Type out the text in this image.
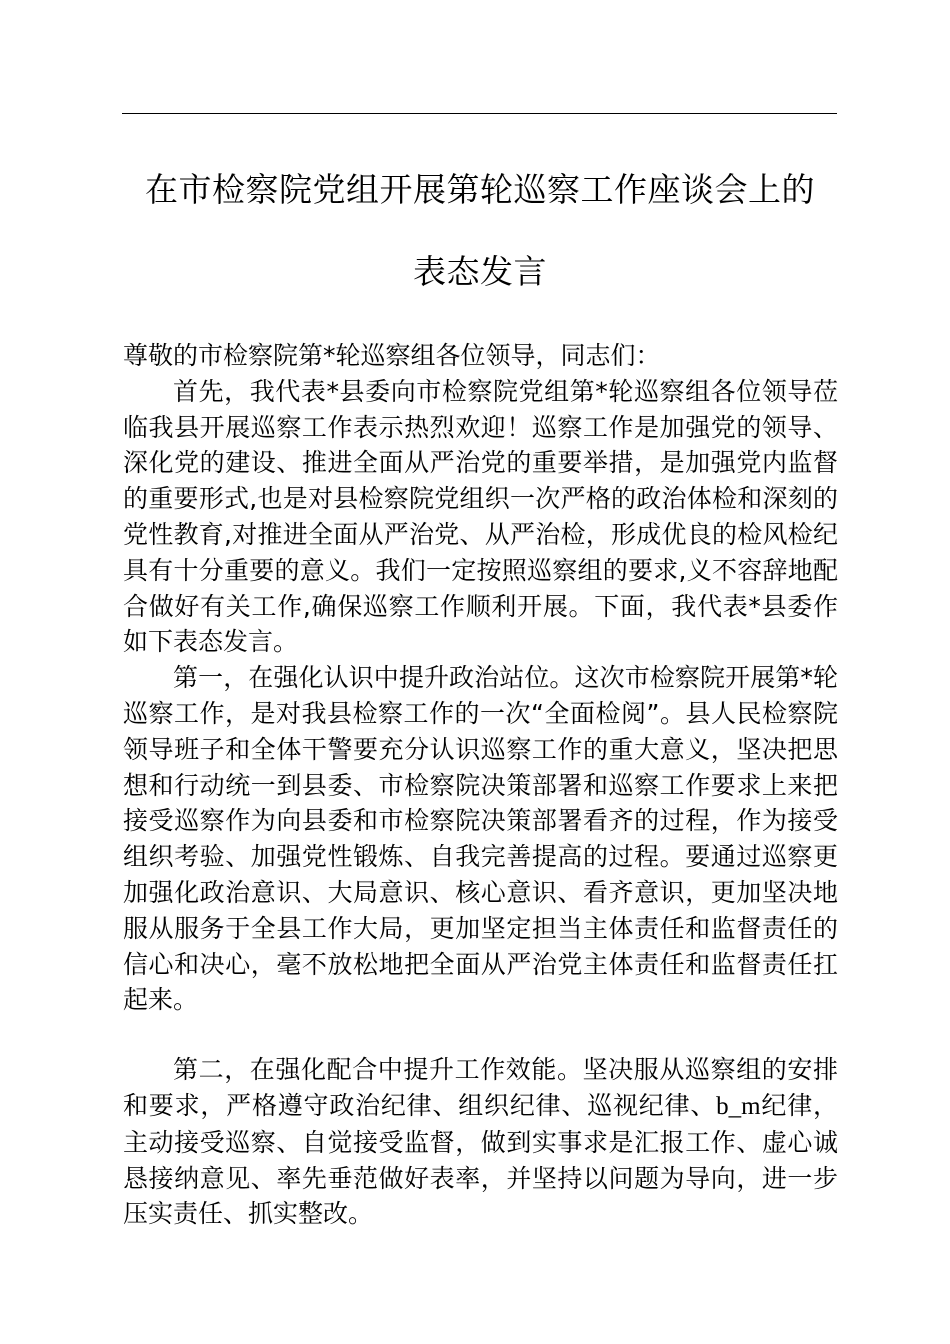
在市检察院党组开展第轮巡察工作座谈会上的
表态发言

尊敬的市检察院第*轮巡察组各位领导，同志们：

首先，我代表*县委向市检察院党组第*轮巡察组各位领导莅临我县开展巡察工作表示热烈欢迎！巡察工作是加强党的领导、深化党的建设、推进全面从严治党的重要举措，是加强党内监督的重要形式,也是对县检察院党组织一次严格的政治体检和深刻的党性教育,对推进全面从严治党、从严治检，形成优良的检风检纪具有十分重要的意义。我们一定按照巡察组的要求,义不容辞地配合做好有关工作,确保巡察工作顺利开展。下面，我代表*县委作如下表态发言。

第一，在强化认识中提升政治站位。这次市检察院开展第*轮巡察工作，是对我县检察工作的一次“全面检阅”。县人民检察院领导班子和全体干警要充分认识巡察工作的重大意义，坚决把思想和行动统一到县委、市检察院决策部署和巡察工作要求上来把接受巡察作为向县委和市检察院决策部署看齐的过程，作为接受组织考验、加强党性锻炼、自我完善提高的过程。要通过巡察更加强化政治意识、大局意识、核心意识、看齐意识，更加坚决地服从服务于全县工作大局，更加坚定担当主体责任和监督责任的信心和决心，毫不放松地把全面从严治党主体责任和监督责任扛起来。

第二，在强化配合中提升工作效能。坚决服从巡察组的安排和要求，严格遵守政治纪律、组织纪律、巡视纪律、b_m纪律，主动接受巡察、自觉接受监督，做到实事求是汇报工作、虚心诚恳接纳意见、率先垂范做好表率，并坚持以问题为导向，进一步压实责任、抓实整改。
